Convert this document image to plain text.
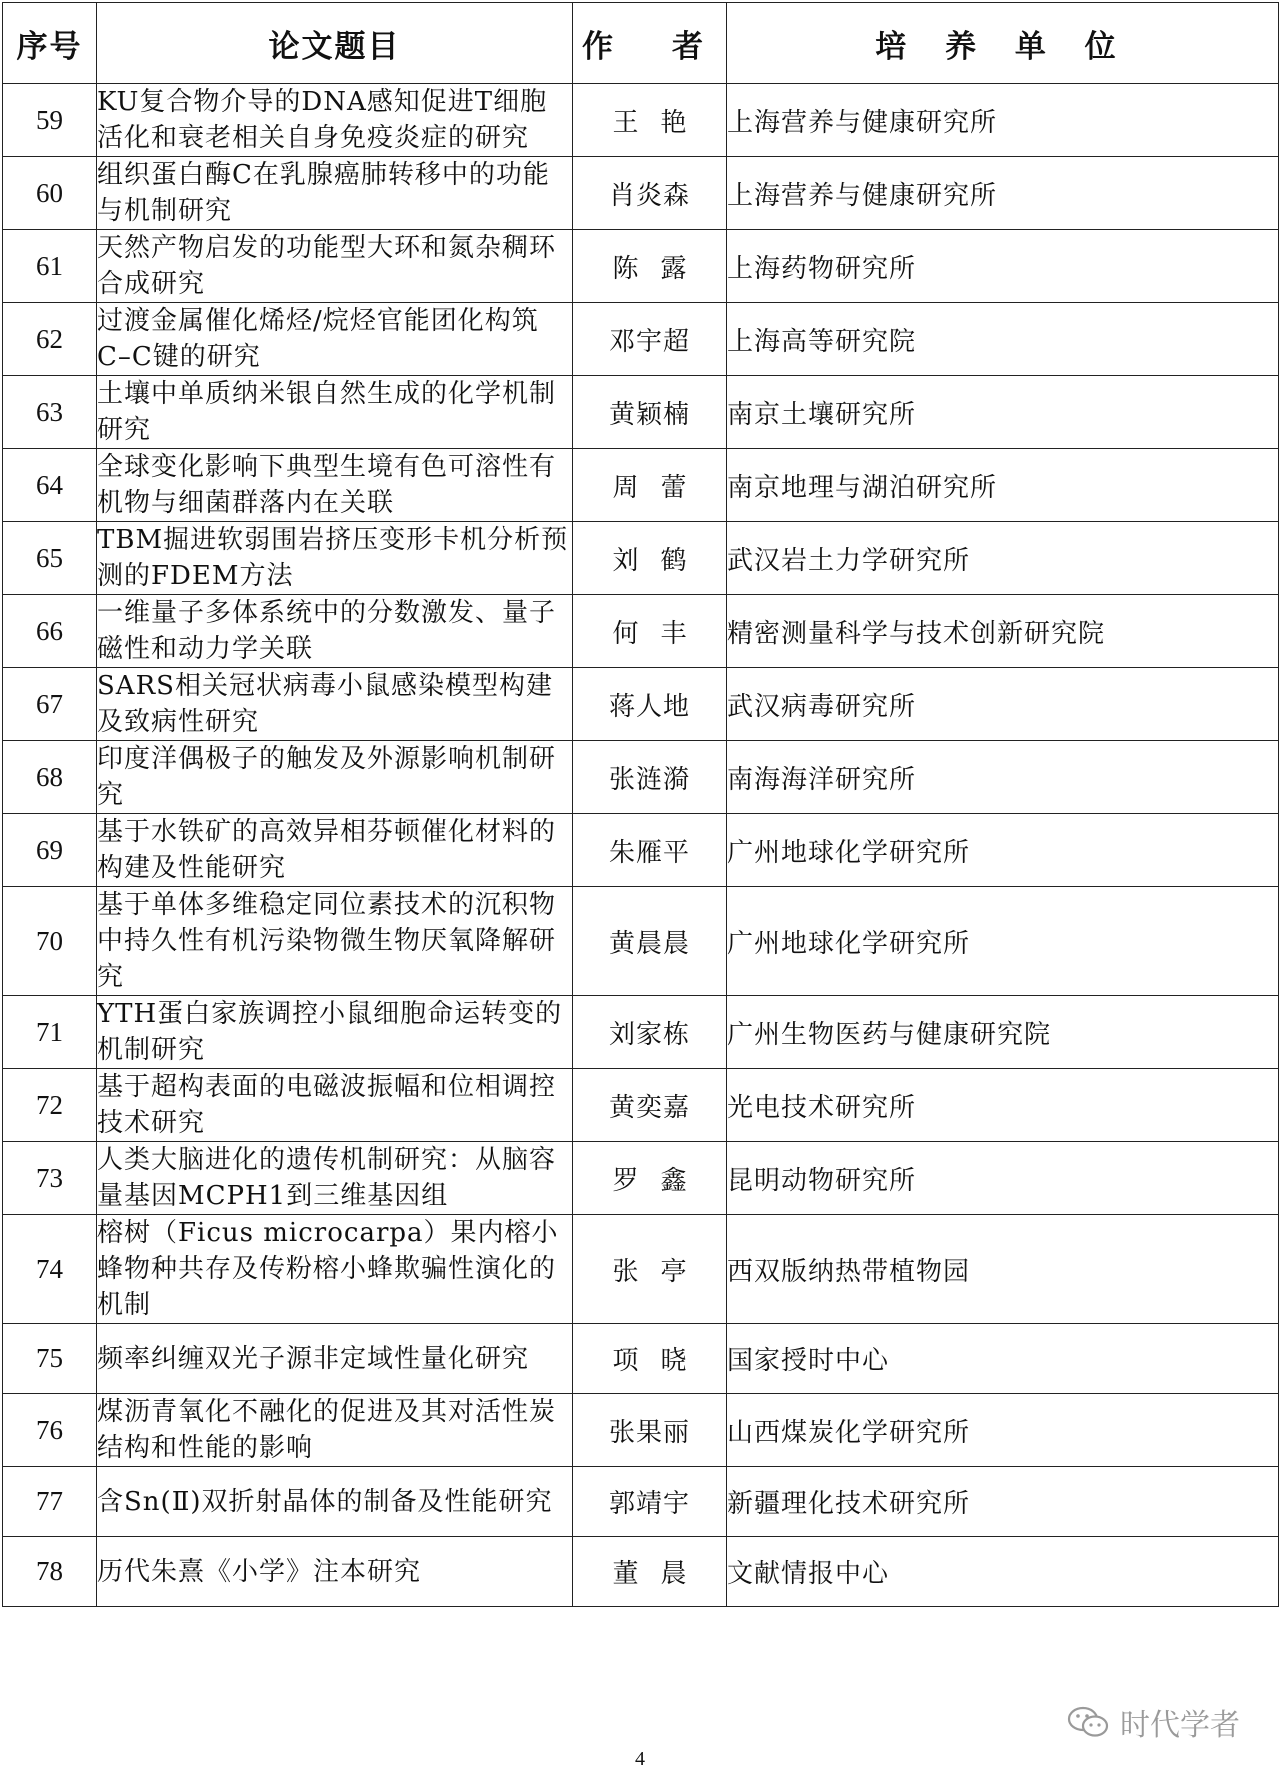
序号	论文题目	作　者	培 养 单 位
59	KU复合物介导的DNA感知促进T细胞活化和衰老相关自身免疫炎症的研究	王艳	上海营养与健康研究所
60	组织蛋白酶C在乳腺癌肺转移中的功能与机制研究	肖炎森	上海营养与健康研究所
61	天然产物启发的功能型大环和氮杂稠环合成研究	陈露	上海药物研究所
62	过渡金属催化烯烃/烷烃官能团化构筑C–C键的研究	邓宇超	上海高等研究院
63	土壤中单质纳米银自然生成的化学机制研究	黄颖楠	南京土壤研究所
64	全球变化影响下典型生境有色可溶性有机物与细菌群落内在关联	周蕾	南京地理与湖泊研究所
65	TBM掘进软弱围岩挤压变形卡机分析预测的FDEM方法	刘鹤	武汉岩土力学研究所
66	一维量子多体系统中的分数激发、量子磁性和动力学关联	何丰	精密测量科学与技术创新研究院
67	SARS相关冠状病毒小鼠感染模型构建及致病性研究	蒋人地	武汉病毒研究所
68	印度洋偶极子的触发及外源影响机制研究	张涟漪	南海海洋研究所
69	基于水铁矿的高效异相芬顿催化材料的构建及性能研究	朱雁平	广州地球化学研究所
70	基于单体多维稳定同位素技术的沉积物中持久性有机污染物微生物厌氧降解研究	黄晨晨	广州地球化学研究所
71	YTH蛋白家族调控小鼠细胞命运转变的机制研究	刘家栋	广州生物医药与健康研究院
72	基于超构表面的电磁波振幅和位相调控技术研究	黄奕嘉	光电技术研究所
73	人类大脑进化的遗传机制研究：从脑容量基因MCPH1到三维基因组	罗鑫	昆明动物研究所
74	榕树（Ficus microcarpa）果内榕小蜂物种共存及传粉榕小蜂欺骗性演化的机制	张亭	西双版纳热带植物园
75	频率纠缠双光子源非定域性量化研究	项晓	国家授时中心
76	煤沥青氧化不融化的促进及其对活性炭结构和性能的影响	张果丽	山西煤炭化学研究所
77	含Sn(Ⅱ)双折射晶体的制备及性能研究	郭靖宇	新疆理化技术研究所
78	历代朱熹《小学》注本研究	董晨	文献情报中心
时代学者
4
